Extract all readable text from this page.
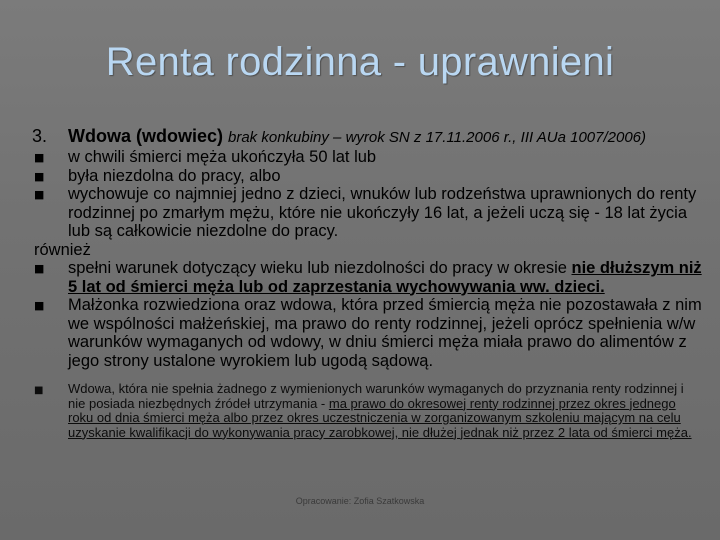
Renta rodzinna - uprawnieni
3. Wdowa (wdowiec) brak konkubiny – wyrok SN z 17.11.2006 r., III AUa 1007/2006)
■ w chwili śmierci męża ukończyła 50 lat lub
■ była niezdolna do pracy, albo
■ wychowuje co najmniej jedno z dzieci, wnuków lub rodzeństwa uprawnionych do renty rodzinnej po zmarłym mężu, które nie ukończyły 16 lat, a jeżeli uczą się - 18 lat życia lub są całkowicie niezdolne do pracy.
również
■ spełni warunek dotyczący wieku lub niezdolności do pracy w okresie nie dłuższym niż 5 lat od śmierci męża lub od zaprzestania wychowywania ww. dzieci.
■ Małżonka rozwiedziona oraz wdowa, która przed śmiercią męża nie pozostawała z nim we wspólności małżeńskiej, ma prawo do renty rodzinnej, jeżeli oprócz spełnienia w/w warunków wymaganych od wdowy, w dniu śmierci męża miała prawo do alimentów z jego strony ustalone wyrokiem lub ugodą sądową.
■ Wdowa, która nie spełnia żadnego z wymienionych warunków wymaganych do przyznania renty rodzinnej i nie posiada niezbędnych źródeł utrzymania - ma prawo do okresowej renty rodzinnej przez okres jednego roku od dnia śmierci męża albo przez okres uczestniczenia w zorganizowanym szkoleniu mającym na celu uzyskanie kwalifikacji do wykonywania pracy zarobkowej, nie dłużej jednak niż przez 2 lata od śmierci męża.
Opracowanie: Zofia Szatkowska
